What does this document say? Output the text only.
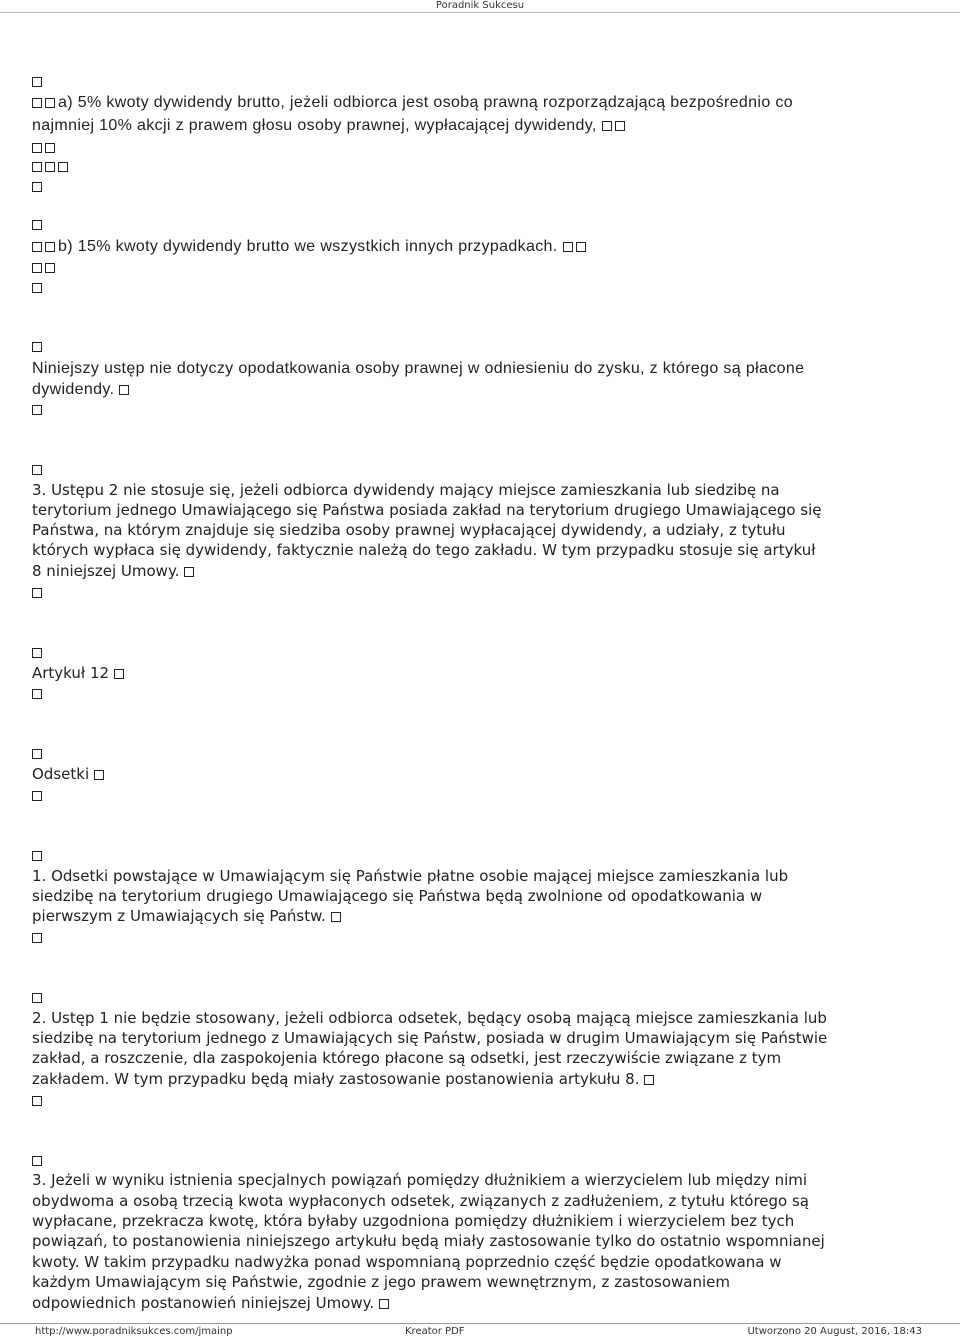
Poradnik Sukcesu
a) 5% kwoty dywidendy brutto, jeżeli odbiorca jest osobą prawną rozporządzającą bezpośrednio co
najmniej 10% akcji z prawem głosu osoby prawnej, wypłacającej dywidendy,
b) 15% kwoty dywidendy brutto we wszystkich innych przypadkach.
Niniejszy ustęp nie dotyczy opodatkowania osoby prawnej w odniesieniu do zysku, z którego są płacone
dywidendy.
3. Ustępu 2 nie stosuje się, jeżeli odbiorca dywidendy mający miejsce zamieszkania lub siedzibę na
terytorium jednego Umawiającego się Państwa posiada zakład na terytorium drugiego Umawiającego się
Państwa, na którym znajduje się siedziba osoby prawnej wypłacającej dywidendy, a udziały, z tytułu
których wypłaca się dywidendy, faktycznie należą do tego zakładu. W tym przypadku stosuje się artykuł
8 niniejszej Umowy.
Artykuł 12
Odsetki
1. Odsetki powstające w Umawiającym się Państwie płatne osobie mającej miejsce zamieszkania lub
siedzibę na terytorium drugiego Umawiającego się Państwa będą zwolnione od opodatkowania w
pierwszym z Umawiających się Państw.
2. Ustęp 1 nie będzie stosowany, jeżeli odbiorca odsetek, będący osobą mającą miejsce zamieszkania lub
siedzibę na terytorium jednego z Umawiających się Państw, posiada w drugim Umawiającym się Państwie
zakład, a roszczenie, dla zaspokojenia którego płacone są odsetki, jest rzeczywiście związane z tym
zakładem. W tym przypadku będą miały zastosowanie postanowienia artykułu 8.
3. Jeżeli w wyniku istnienia specjalnych powiązań pomiędzy dłużnikiem a wierzycielem lub między nimi
obydwoma a osobą trzecią kwota wypłaconych odsetek, związanych z zadłużeniem, z tytułu którego są
wypłacane, przekracza kwotę, która byłaby uzgodniona pomiędzy dłużnikiem i wierzycielem bez tych
powiązań, to postanowienia niniejszego artykułu będą miały zastosowanie tylko do ostatnio wspomnianej
kwoty. W takim przypadku nadwyżka ponad wspomnianą poprzednio część będzie opodatkowana w
każdym Umawiającym się Państwie, zgodnie z jego prawem wewnętrznym, z zastosowaniem
odpowiednich postanowień niniejszej Umowy.
http://www.poradniksukces.com/jmainp	Kreator PDF	Utworzono 20 August, 2016, 18:43
